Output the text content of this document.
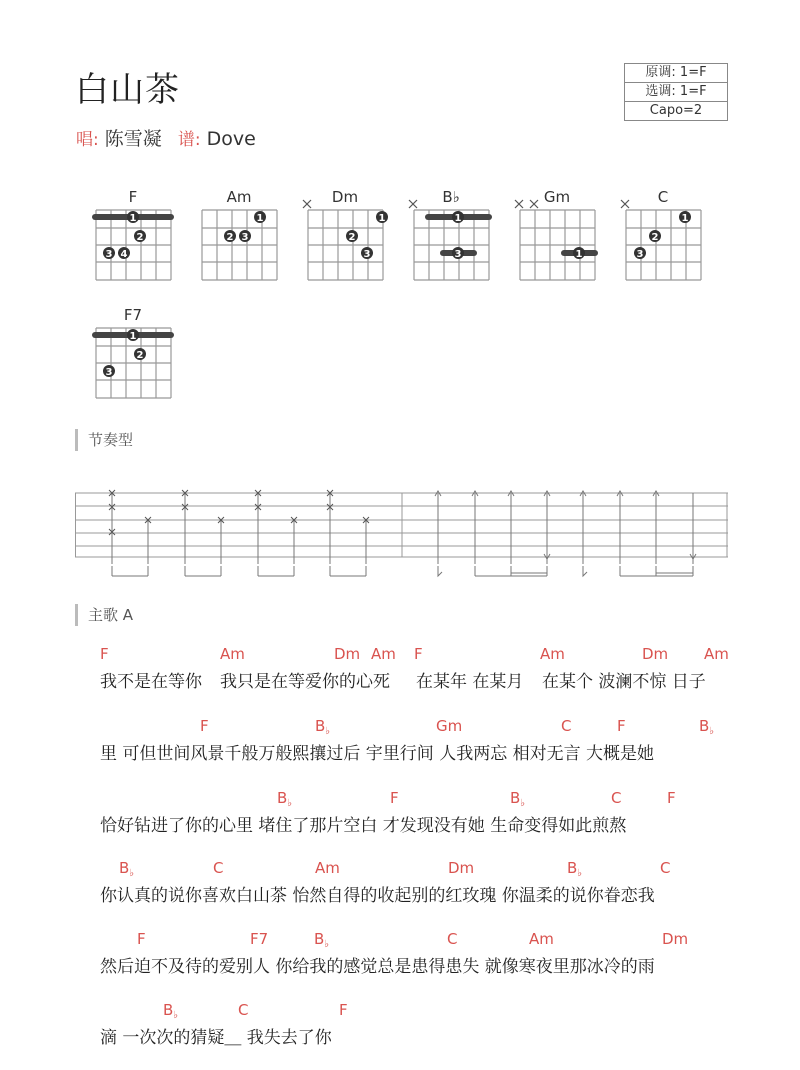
白山茶	原调: 1=F
选调: 1=F
Capo=2
唱: 陈雪凝 谱: Dove
F
1
2
3 4
Am
1
2 3
Dm
1
2
3
B♭
1
3
Gm
1
C
1
2
3
F7
1
2
3
节奏型
主歌 A
F	Am	Dm Am F	Am	Dm Am
我不是在等你 我只是在等爱你的心死 在某年 在某月 在某个 波澜不惊 日子
F	$B_♭$	Gm	C	F	$B_♭$
里 可但世间风景千般万般熙攘过后 宇里行间 人我两忘 相对无言 大概是她
$B_♭$	F	$B_♭$	C	F
恰好钻进了你的心里 堵住了那片空白 才发现没有她 生命变得如此煎熬
$B_♭$	C	Am	Dm	$B_♭$	C
你认真的说你喜欢白山茶 怡然自得的收起别的红玫瑰 你温柔的说你眷恋我
F	F7	$B_♭$	C	Am	Dm
然后迫不及待的爱别人 你给我的感觉总是患得患失 就像寒夜里那冰冷的雨
$B_♭$	C	F
滴 一次次的猜疑＿ 我失去了你
